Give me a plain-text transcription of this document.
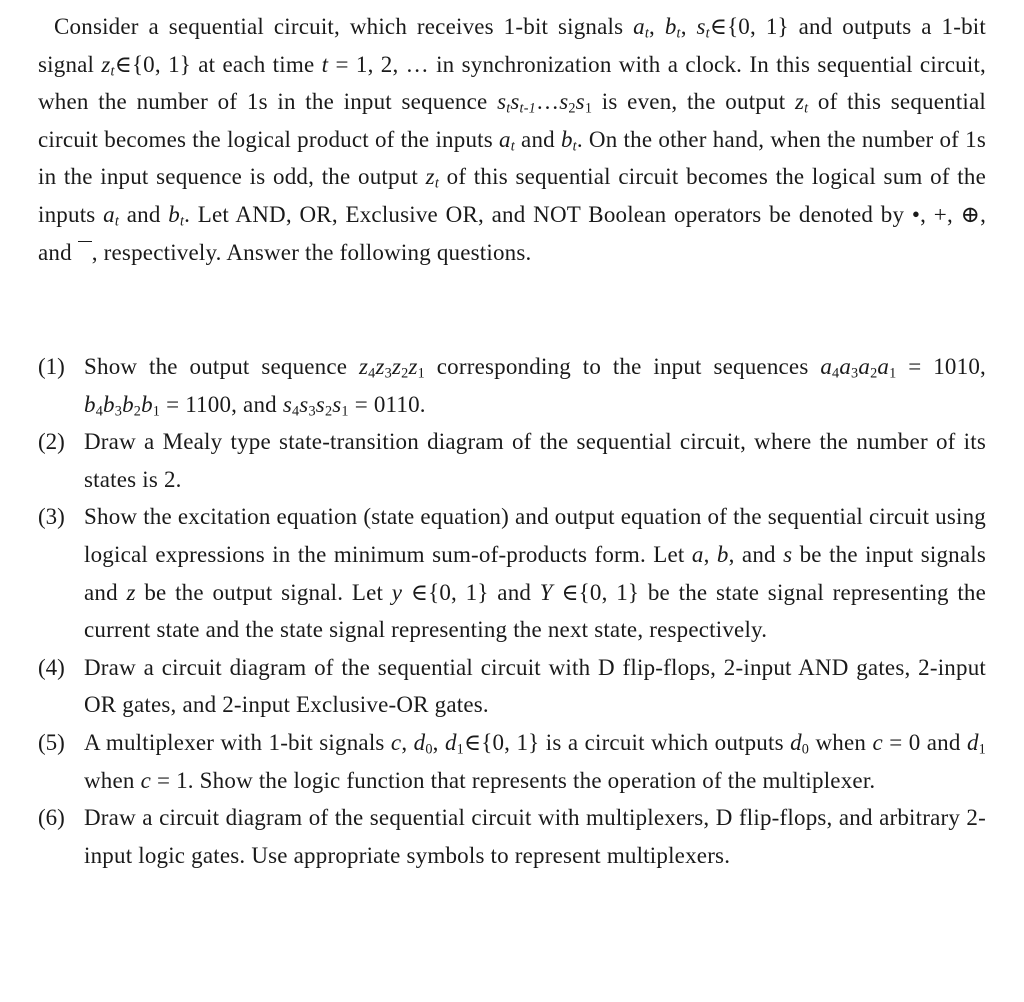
Consider a sequential circuit, which receives 1-bit signals $a_t$, $b_t$, $s_t\in\{0$, 1} and outputs a 1-bit signal $z_t\in\{0$, 1} at each time t = 1, 2, … in synchronization with a clock. In this sequential circuit, when the number of 1s in the input sequence $s_ts_{t-1}\dots s_2s_1$ is even, the output $z_t$ of this sequential circuit becomes the logical product of the inputs $a_t$ and $b_t$. On the other hand, when the number of 1s in the input sequence is odd, the output $z_t$ of this sequential circuit becomes the logical sum of the inputs $a_t$ and $b_t$. Let AND, OR, Exclusive OR, and NOT Boolean operators be denoted by •, +, ⊕, and , respectively. Answer the following questions.

(1) Show the output sequence $z_4z_3z_2z_1$ corresponding to the input sequences $a_4a_3a_2a_1 = 1010$, $b_4b_3b_2b_1 = 1100$, and $s_4s_3s_2s_1 = 0110$.
(2) Draw a Mealy type state-transition diagram of the sequential circuit, where the number of its states is 2.
(3) Show the excitation equation (state equation) and output equation of the sequential circuit using logical expressions in the minimum sum-of-products form. Let a, b, and s be the input signals and z be the output signal. Let y ∈{0, 1} and Y ∈{0, 1} be the state signal representing the current state and the state signal representing the next state, respectively.
(4) Draw a circuit diagram of the sequential circuit with D flip-flops, 2-input AND gates, 2-input OR gates, and 2-input Exclusive-OR gates.
(5) A multiplexer with 1-bit signals c, $d_0$, $d_1\in\{0$, 1} is a circuit which outputs $d_0$ when c = 0 and $d_1$ when c = 1. Show the logic function that represents the operation of the multiplexer.
(6) Draw a circuit diagram of the sequential circuit with multiplexers, D flip-flops, and arbitrary 2-input logic gates. Use appropriate symbols to represent multiplexers.
